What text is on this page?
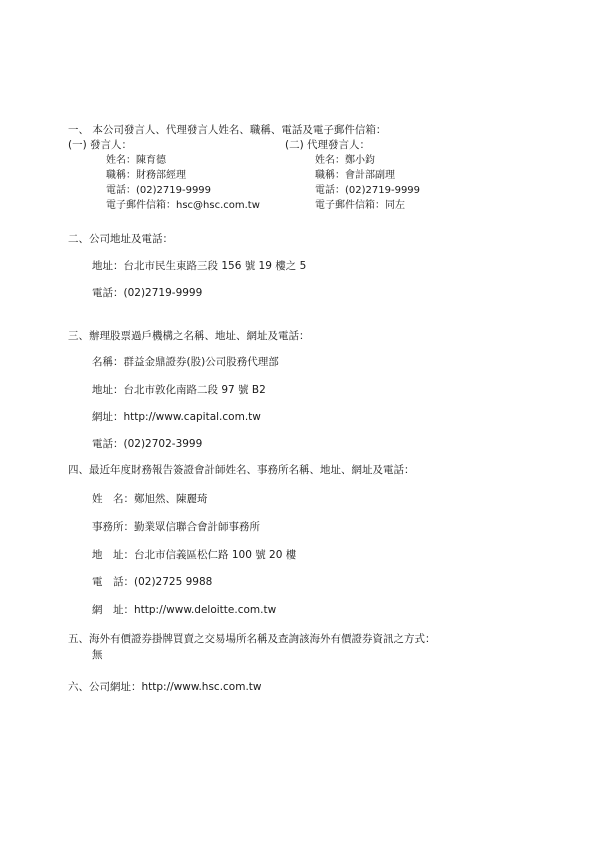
一、 本公司發言人、代理發言人姓名、職稱、電話及電子郵件信箱：
(一) 發言人：	(二) 代理發言人：
姓名：陳育德	姓名：鄭小鈞
職稱：財務部經理	職稱：會計部副理
電話：(02)2719-9999	電話：(02)2719-9999
電子郵件信箱：hsc@hsc.com.tw	電子郵件信箱：同左
二、公司地址及電話：
地址：台北市民生東路三段 156 號 19 樓之 5
電話：(02)2719-9999
三、辦理股票過戶機構之名稱、地址、網址及電話：
名稱：群益金鼎證券(股)公司股務代理部
地址：台北市敦化南路二段 97 號 B2
網址：http://www.capital.com.tw
電話：(02)2702-3999
四、最近年度財務報告簽證會計師姓名、事務所名稱、地址、網址及電話：
姓　名：鄭旭然、陳麗琦
事務所：勤業眾信聯合會計師事務所
地　址：台北市信義區松仁路 100 號 20 樓
電　話：(02)2725 9988
網　址：http://www.deloitte.com.tw
五、海外有價證券掛牌買賣之交易場所名稱及查詢該海外有價證券資訊之方式：
無
六、公司網址：http://www.hsc.com.tw
